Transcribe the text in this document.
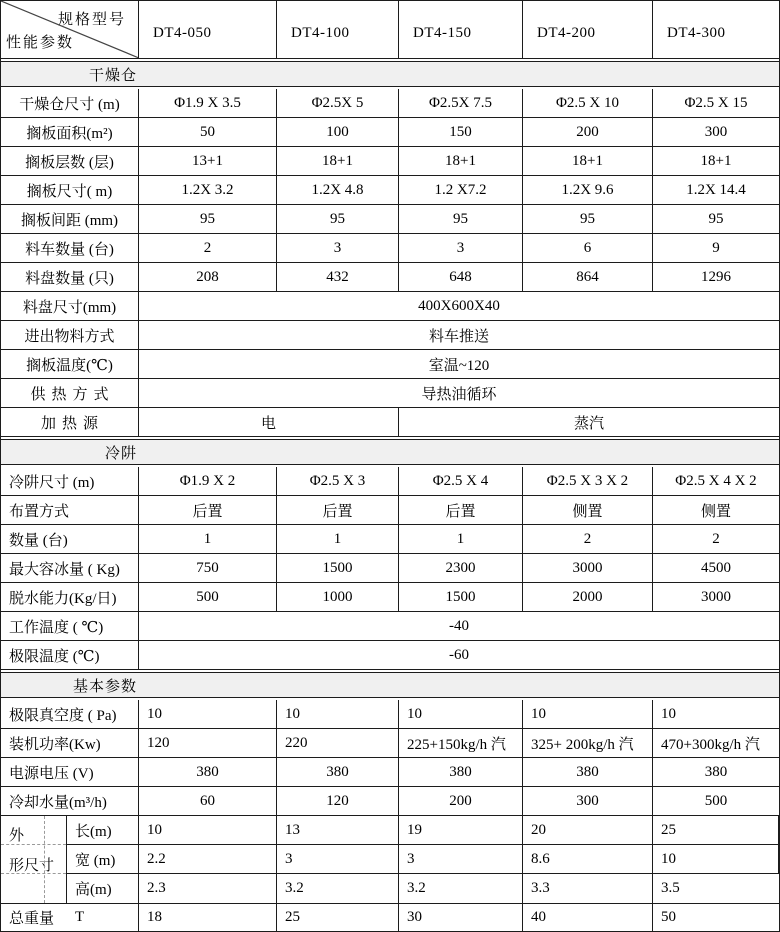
规格型号
性能参数
DT4-050	DT4-100	DT4-150	DT4-200	DT4-300
干燥仓
干燥仓尺寸 (m)	Φ1.9 X 3.5	Φ2.5X 5	Φ2.5X 7.5	Φ2.5 X 10	Φ2.5 X 15
搁板面积(m²)	50	100	150	200	300
搁板层数 (层)	13+1	18+1	18+1	18+1	18+1
搁板尺寸( m)	1.2X 3.2	1.2X 4.8	1.2 X7.2	1.2X 9.6	1.2X 14.4
搁板间距 (mm)	95	95	95	95	95
料车数量 (台)	2	3	3	6	9
料盘数量 (只)	208	432	648	864	1296
料盘尺寸(mm)	400X600X40
进出物料方式	料车推送
搁板温度(℃)	室温~120
供热方式	导热油循环
加热源	电	蒸汽
冷阱
冷阱尺寸 (m)	Φ1.9 X 2	Φ2.5 X 3	Φ2.5 X 4	Φ2.5 X 3 X 2	Φ2.5 X 4 X 2
布置方式	后置	后置	后置	侧置	侧置
数量 (台)	1	1	1	2	2
最大容冰量 ( Kg)	750	1500	2300	3000	4500
脱水能力(Kg/日)	500	1000	1500	2000	3000
工作温度 ( ℃)	-40
极限温度 (℃)	-60
基本参数
极限真空度 ( Pa)	10	10	10	10	10
装机功率(Kw)	120	220	225+150kg/h 汽	325+ 200kg/h 汽	470+300kg/h 汽
电源电压 (V)	380	380	380	380	380
冷却水量(m³/h)	60	120	200	300	500
外
形尺寸
长(m)	10	13	19	20	25
宽 (m)	2.2	3	3	8.6	10
高(m)	2.3	3.2	3.2	3.3	3.5
总重量 T	18	25	30	40	50
